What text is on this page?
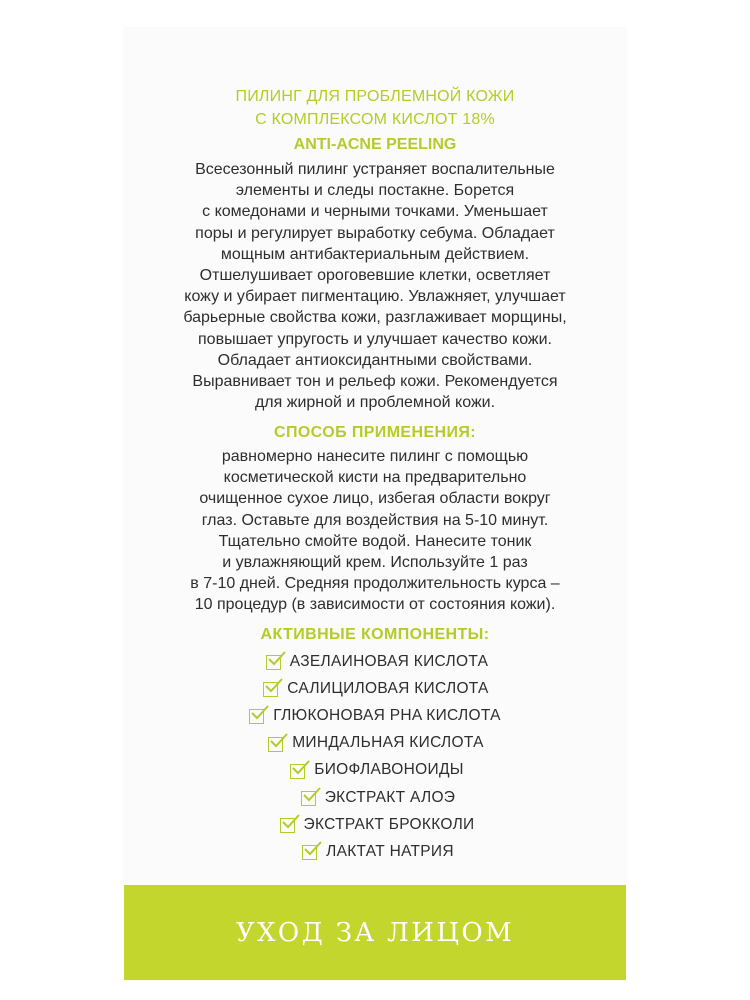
ПИЛИНГ ДЛЯ ПРОБЛЕМНОЙ КОЖИ
С КОМПЛЕКСОМ КИСЛОТ 18%
ANTI-ACNE PEELING
Всесезонный пилинг устраняет воспалительные
элементы и следы постакне. Борется
с комедонами и черными точками. Уменьшает
поры и регулирует выработку себума. Обладает
мощным антибактериальным действием.
Отшелушивает ороговевшие клетки, осветляет
кожу и убирает пигментацию. Увлажняет, улучшает
барьерные свойства кожи, разглаживает морщины,
повышает упругость и улучшает качество кожи.
Обладает антиоксидантными свойствами.
Выравнивает тон и рельеф кожи. Рекомендуется
для жирной и проблемной кожи.
СПОСОБ ПРИМЕНЕНИЯ:
равномерно нанесите пилинг с помощью
косметической кисти на предварительно
очищенное сухое лицо, избегая области вокруг
глаз. Оставьте для воздействия на 5-10 минут.
Тщательно смойте водой. Нанесите тоник
и увлажняющий крем. Используйте 1 раз
в 7-10 дней. Средняя продолжительность курса –
10 процедур (в зависимости от состояния кожи).
АКТИВНЫЕ КОМПОНЕНТЫ:
АЗЕЛАИНОВАЯ КИСЛОТА
САЛИЦИЛОВАЯ КИСЛОТА
ГЛЮКОНОВАЯ PHA КИСЛОТА
МИНДАЛЬНАЯ КИСЛОТА
БИОФЛАВОНОИДЫ
ЭКСТРАКТ АЛОЭ
ЭКСТРАКТ БРОККОЛИ
ЛАКТАТ НАТРИЯ
УХОД ЗА ЛИЦОМ
